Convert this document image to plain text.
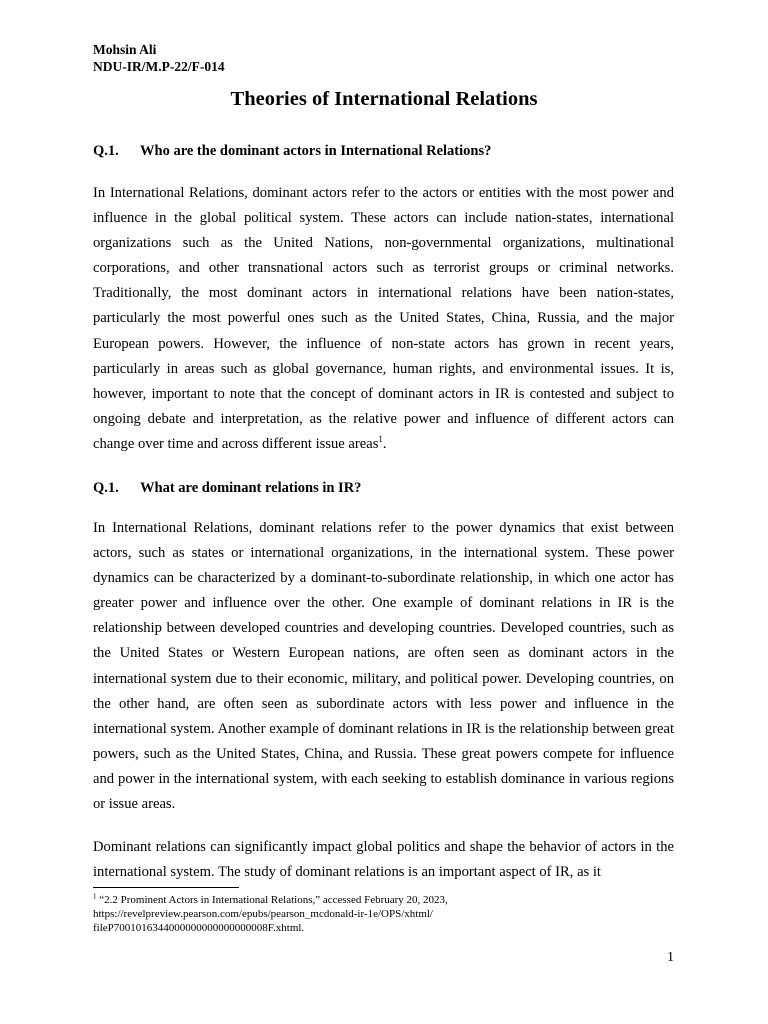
Mohsin Ali
NDU-IR/M.P-22/F-014
Theories of International Relations
Q.1. Who are the dominant actors in International Relations?

In International Relations, dominant actors refer to the actors or entities with the most power and influence in the global political system. These actors can include nation-states, international organizations such as the United Nations, non-governmental organizations, multinational corporations, and other transnational actors such as terrorist groups or criminal networks. Traditionally, the most dominant actors in international relations have been nation-states, particularly the most powerful ones such as the United States, China, Russia, and the major European powers. However, the influence of non-state actors has grown in recent years, particularly in areas such as global governance, human rights, and environmental issues. It is, however, important to note that the concept of dominant actors in IR is contested and subject to ongoing debate and interpretation, as the relative power and influence of different actors can change over time and across different issue areas$^1$.

Q.1. What are dominant relations in IR?

In International Relations, dominant relations refer to the power dynamics that exist between actors, such as states or international organizations, in the international system. These power dynamics can be characterized by a dominant-to-subordinate relationship, in which one actor has greater power and influence over the other. One example of dominant relations in IR is the relationship between developed countries and developing countries. Developed countries, such as the United States or Western European nations, are often seen as dominant actors in the international system due to their economic, military, and political power. Developing countries, on the other hand, are often seen as subordinate actors with less power and influence in the international system. Another example of dominant relations in IR is the relationship between great powers, such as the United States, China, and Russia. These great powers compete for influence and power in the international system, with each seeking to establish dominance in various regions or issue areas.

Dominant relations can significantly impact global politics and shape the behavior of actors in the international system. The study of dominant relations is an important aspect of IR, as it

$^1$ “2.2 Prominent Actors in International Relations,” accessed February 20, 2023,
https://revelpreview.pearson.com/epubs/pearson_mcdonald-ir-1e/OPS/xhtml/
fileP7001016344000000000000000008F.xhtml.
1
